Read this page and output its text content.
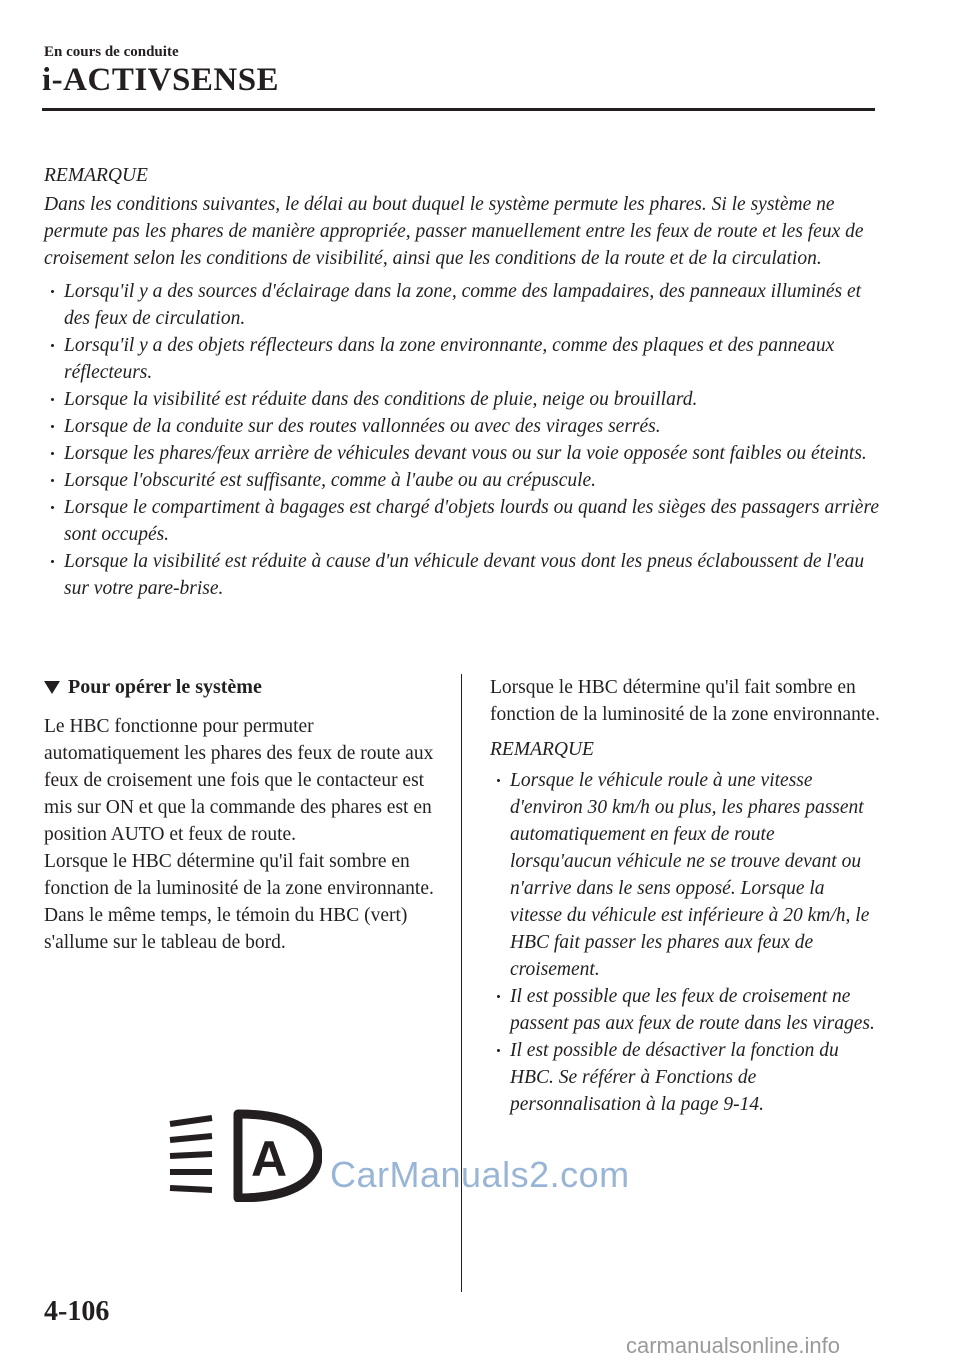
En cours de conduite
i-ACTIVSENSE

REMARQUE

Dans les conditions suivantes, le délai au bout duquel le système permute les phares. Si le système ne permute pas les phares de manière appropriée, passer manuellement entre les feux de route et les feux de croisement selon les conditions de visibilité, ainsi que les conditions de la route et de la circulation.

Lorsqu'il y a des sources d'éclairage dans la zone, comme des lampadaires, des panneaux illuminés et des feux de circulation.
Lorsqu'il y a des objets réflecteurs dans la zone environnante, comme des plaques et des panneaux réflecteurs.
Lorsque la visibilité est réduite dans des conditions de pluie, neige ou brouillard.
Lorsque de la conduite sur des routes vallonnées ou avec des virages serrés.
Lorsque les phares/feux arrière de véhicules devant vous ou sur la voie opposée sont faibles ou éteints.
Lorsque l'obscurité est suffisante, comme à l'aube ou au crépuscule.
Lorsque le compartiment à bagages est chargé d'objets lourds ou quand les sièges des passagers arrière sont occupés.
Lorsque la visibilité est réduite à cause d'un véhicule devant vous dont les pneus éclaboussent de l'eau sur votre pare-brise.
Pour opérer le système

Le HBC fonctionne pour permuter automatiquement les phares des feux de route aux feux de croisement une fois que le contacteur est mis sur ON et que la commande des phares est en position AUTO et feux de route.

Lorsque le HBC détermine qu'il fait sombre en fonction de la luminosité de la zone environnante. Dans le même temps, le témoin du HBC (vert) s'allume sur le tableau de bord.

A

Lorsque le HBC détermine qu'il fait sombre en fonction de la luminosité de la zone environnante.

REMARQUE

Lorsque le véhicule roule à une vitesse d'environ 30 km/h ou plus, les phares passent automatiquement en feux de route lorsqu'aucun véhicule ne se trouve devant ou n'arrive dans le sens opposé. Lorsque la vitesse du véhicule est inférieure à 20 km/h, le HBC fait passer les phares aux feux de croisement.
Il est possible que les feux de croisement ne passent pas aux feux de route dans les virages.
Il est possible de désactiver la fonction du HBC. Se référer à Fonctions de personnalisation à la page 9-14.
CarManuals2.com
4-106
carmanualsonline.info
